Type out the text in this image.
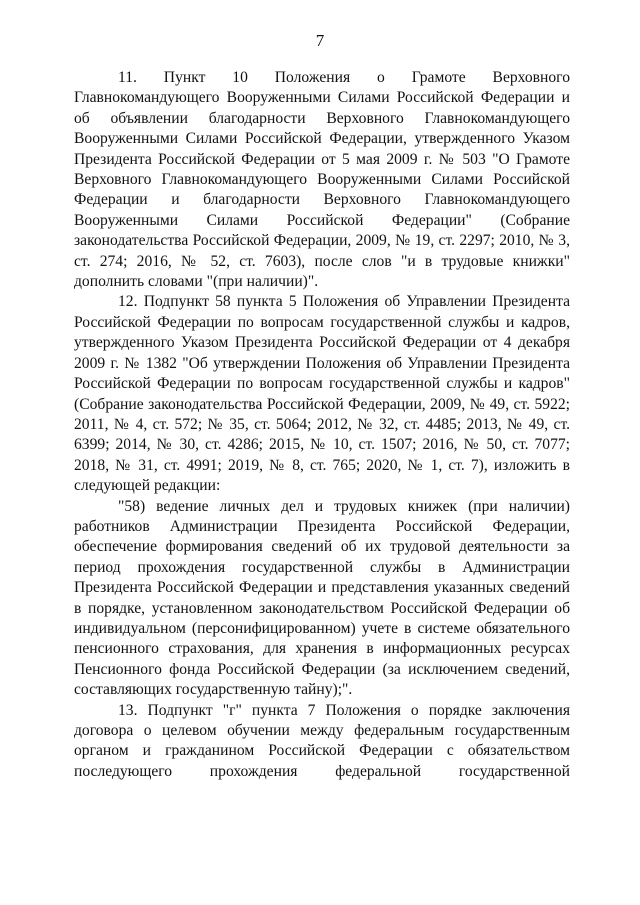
7

11. Пункт 10 Положения о Грамоте Верховного Главнокомандующего Вооруженными Силами Российской Федерации и об объявлении благодарности Верховного Главнокомандующего Вооруженными Силами Российской Федерации, утвержденного Указом Президента Российской Федерации от 5 мая 2009 г. № 503 "О Грамоте Верховного Главнокомандующего Вооруженными Силами Российской Федерации и благодарности Верховного Главнокомандующего Вооруженными Силами Российской Федерации" (Собрание законодательства Российской Федерации, 2009, № 19, ст. 2297; 2010, № 3, ст. 274; 2016, № 52, ст. 7603), после слов "и в трудовые книжки" дополнить словами "(при наличии)".

12. Подпункт 58 пункта 5 Положения об Управлении Президента Российской Федерации по вопросам государственной службы и кадров, утвержденного Указом Президента Российской Федерации от 4 декабря 2009 г. № 1382 "Об утверждении Положения об Управлении Президента Российской Федерации по вопросам государственной службы и кадров" (Собрание законодательства Российской Федерации, 2009, № 49, ст. 5922; 2011, № 4, ст. 572; № 35, ст. 5064; 2012, № 32, ст. 4485; 2013, № 49, ст. 6399; 2014, № 30, ст. 4286; 2015, № 10, ст. 1507; 2016, № 50, ст. 7077; 2018, № 31, ст. 4991; 2019, № 8, ст. 765; 2020, № 1, ст. 7), изложить в следующей редакции:

"58) ведение личных дел и трудовых книжек (при наличии) работников Администрации Президента Российской Федерации, обеспечение формирования сведений об их трудовой деятельности за период прохождения государственной службы в Администрации Президента Российской Федерации и представления указанных сведений в порядке, установленном законодательством Российской Федерации об индивидуальном (персонифицированном) учете в системе обязательного пенсионного страхования, для хранения в информационных ресурсах Пенсионного фонда Российской Федерации (за исключением сведений, составляющих государственную тайну);".

13. Подпункт "г" пункта 7 Положения о порядке заключения договора о целевом обучении между федеральным государственным органом и гражданином Российской Федерации с обязательством последующего прохождения федеральной государственной
